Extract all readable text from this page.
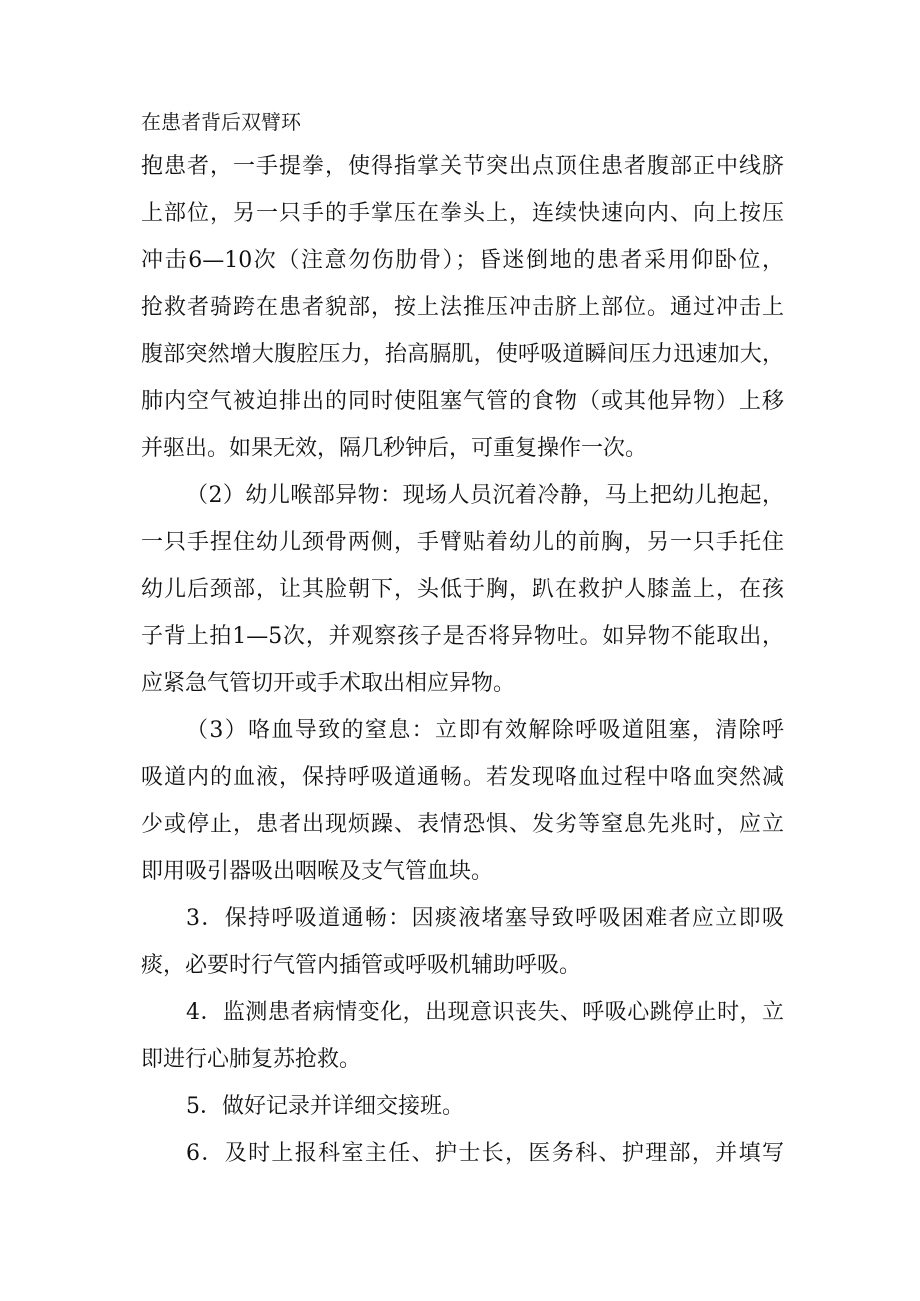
在患者背后双臂环
抱患者，一手提拳，使得指掌关节突出点顶住患者腹部正中线脐
上部位，另一只手的手掌压在拳头上，连续快速向内、向上按压
冲击6—10次（注意勿伤肋骨）；昏迷倒地的患者采用仰卧位，
抢救者骑跨在患者貌部，按上法推压冲击脐上部位。通过冲击上
腹部突然增大腹腔压力，抬高膈肌，使呼吸道瞬间压力迅速加大，
肺内空气被迫排出的同时使阻塞气管的食物（或其他异物）上移
并驱出。如果无效，隔几秒钟后，可重复操作一次。
（2）幼儿喉部异物：现场人员沉着冷静，马上把幼儿抱起，
一只手捏住幼儿颈骨两侧，手臂贴着幼儿的前胸，另一只手托住
幼儿后颈部，让其脸朝下，头低于胸，趴在救护人膝盖上，在孩
子背上拍1—5次，并观察孩子是否将异物吐。如异物不能取出，
应紧急气管切开或手术取出相应异物。
（3）咯血导致的窒息：立即有效解除呼吸道阻塞，清除呼
吸道内的血液，保持呼吸道通畅。若发现咯血过程中咯血突然减
少或停止，患者出现烦躁、表情恐惧、发劣等窒息先兆时，应立
即用吸引器吸出咽喉及支气管血块。
3．保持呼吸道通畅：因痰液堵塞导致呼吸困难者应立即吸
痰，必要时行气管内插管或呼吸机辅助呼吸。
4．监测患者病情变化，出现意识丧失、呼吸心跳停止时，立
即进行心肺复苏抢救。
5．做好记录并详细交接班。
6．及时上报科室主任、护士长，医务科、护理部，并填写
